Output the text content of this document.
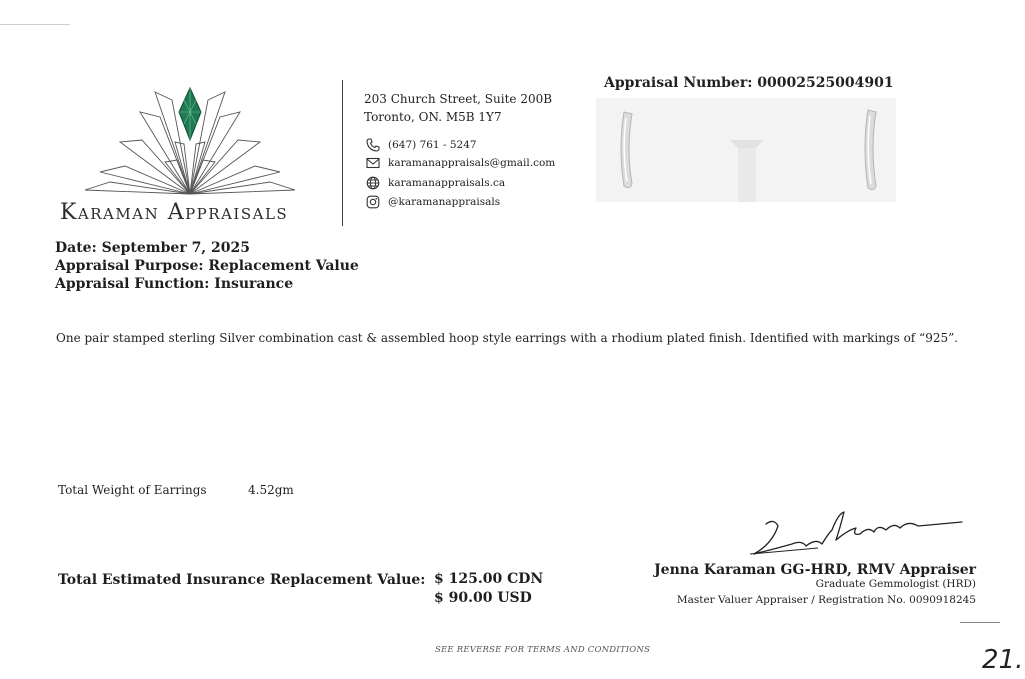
Karaman Appraisals
203 Church Street, Suite 200B
Toronto, ON. M5B 1Y7
(647) 761 - 5247
karamanappraisals@gmail.com
karamanappraisals.ca
@karamanappraisals
Appraisal Number: 00002525004901
Date: September 7, 2025
Appraisal Purpose: Replacement Value
Appraisal Function: Insurance
One pair stamped sterling Silver combination cast & assembled hoop style earrings with a rhodium plated finish. Identified with markings of “925”.
Total Weight of Earrings	4.52gm
Total Estimated Insurance Replacement Value: $ 125.00 CDN
$ 90.00 USD
Jenna Karaman GG-HRD, RMV Appraiser
Graduate Gemmologist (HRD)
Master Valuer Appraiser / Registration No. 0090918245
SEE REVERSE FOR TERMS AND CONDITIONS	21.
